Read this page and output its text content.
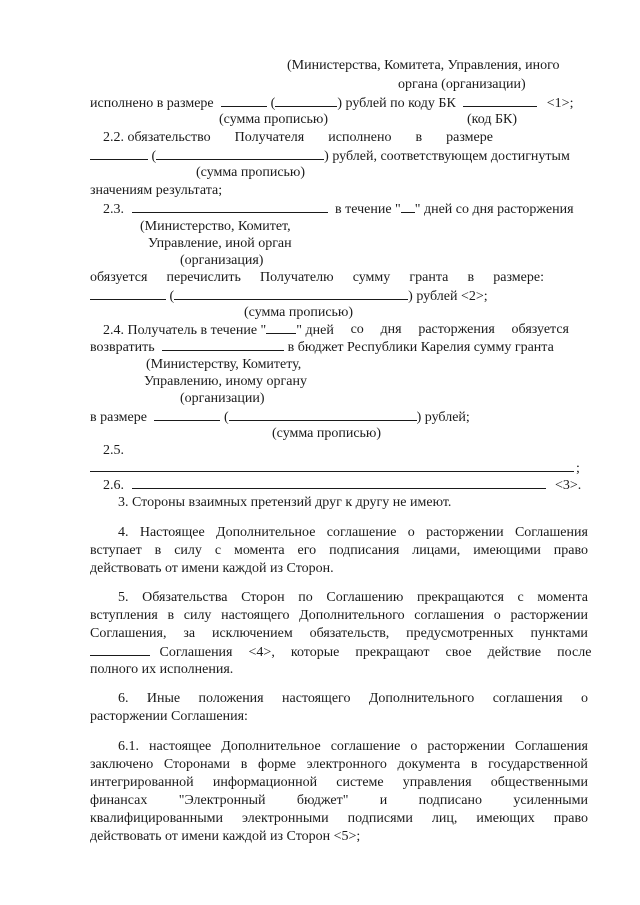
(Министерства, Комитета, Управления, иного
органа (организации)
исполнено в размере	(	) рублей по коду БК	<1>;
(сумма прописью)	(код БК)
2.2. обязательство Получателя исполнено в размере
(	) рублей, соответствующем достигнутым
(сумма прописью)
значениям результата;
2.3.	в течение " " дней со дня расторжения
(Министерство, Комитет,
Управление, иной орган
(организация)
обязуется перечислить Получателю сумму гранта в размере:
(	) рублей <2>;
(сумма прописью)
2.4. Получатель в течение " " дней со дня расторжения обязуется
возвратить	в бюджет Республики Карелия сумму гранта
(Министерству, Комитету,
Управлению, иному органу
(организации)
в размере	(	) рублей;
(сумма прописью)
2.5.
;
2.6.	<3>.
3. Стороны взаимных претензий друг к другу не имеют.
4. Настоящее Дополнительное соглашение о расторжении Соглашения
вступает в силу с момента его подписания лицами, имеющими право
действовать от имени каждой из Сторон.
5. Обязательства Сторон по Соглашению прекращаются с момента
вступления в силу настоящего Дополнительного соглашения о расторжении
Соглашения, за исключением обязательств, предусмотренных пунктами

Соглашения <4>, которые прекращают свое действие после
полного их исполнения.
6. Иные положения настоящего Дополнительного соглашения о
расторжении Соглашения:
6.1. настоящее Дополнительное соглашение о расторжении Соглашения
заключено Сторонами в форме электронного документа в государственной
интегрированной информационной системе управления общественными
финансах "Электронный бюджет" и подписано усиленными
квалифицированными электронными подписями лиц, имеющих право
действовать от имени каждой из Сторон <5>;
